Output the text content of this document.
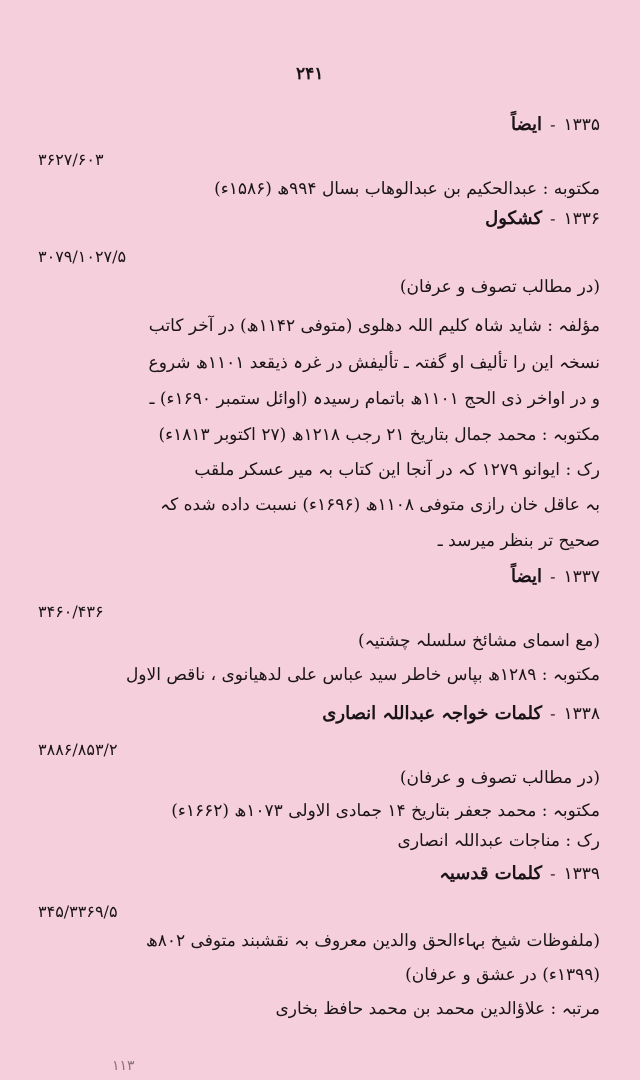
۲۴۱
۱۳۳۵-ایضاً
۳۶۲۷/۶۰۳
مکتوبه : عبدالحکیم بن عبدالوهاب بسال ۹۹۴ھ (۱۵۸۶ء)
۱۳۳۶-کشکول
۳۰۷۹/۱۰۲۷/۵
(در مطالب تصوف و عرفان)
مؤلفہ : شاید شاہ کلیم اللہ دهلوی (متوفی ۱۱۴۲ھ) در آخر کاتب
نسخہ این را تألیف او گفتہ ـ تألیفش در غرہ ذیقعد ۱۱۰۱ھ شروع
و در اواخر ذی الحج ۱۱۰۱ھ باتمام رسیدہ (اوائل ستمبر ۱۶۹۰ء) ـ
مکتوبہ : محمد جمال بتاریخ ۲۱ رجب ۱۲۱۸ھ (۲۷ اکتوبر ۱۸۱۳ء)
رک : ایوانو ۱۲۷۹ کہ در آنجا این کتاب بہ میر عسکر ملقب
بہ عاقل خان رازی متوفی ۱۱۰۸ھ (۱۶۹۶ء) نسبت داده شده کہ
صحیح تر بنظر میرسد ـ
۱۳۳۷-ایضاً
۳۴۶۰/۴۳۶
(مع اسمای مشائخ سلسلہ چشتیہ)
مکتوبہ : ۱۲۸۹ھ بپاس خاطر سید عباس علی لدهیانوی ، ناقص الاول
۱۳۳۸-کلمات خواجہ عبداللہ انصاری
۳۸۸۶/۸۵۳/۲
(در مطالب تصوف و عرفان)
مکتوبہ : محمد جعفر بتاریخ ۱۴ جمادی الاولی ۱۰۷۳ھ (۱۶۶۲ء)
رک : مناجات عبداللہ انصاری
۱۳۳۹-کلمات قدسیہ
۳۴۵/۳۳۶۹/۵
(ملفوظات شیخ بہاءالحق والدین معروف بہ نقشبند متوفی ۸۰۲ھ
(۱۳۹۹ء) در عشق و عرفان)
مرتبہ : علاؤالدین محمد بن محمد حافظ بخاری
۱۱۳
